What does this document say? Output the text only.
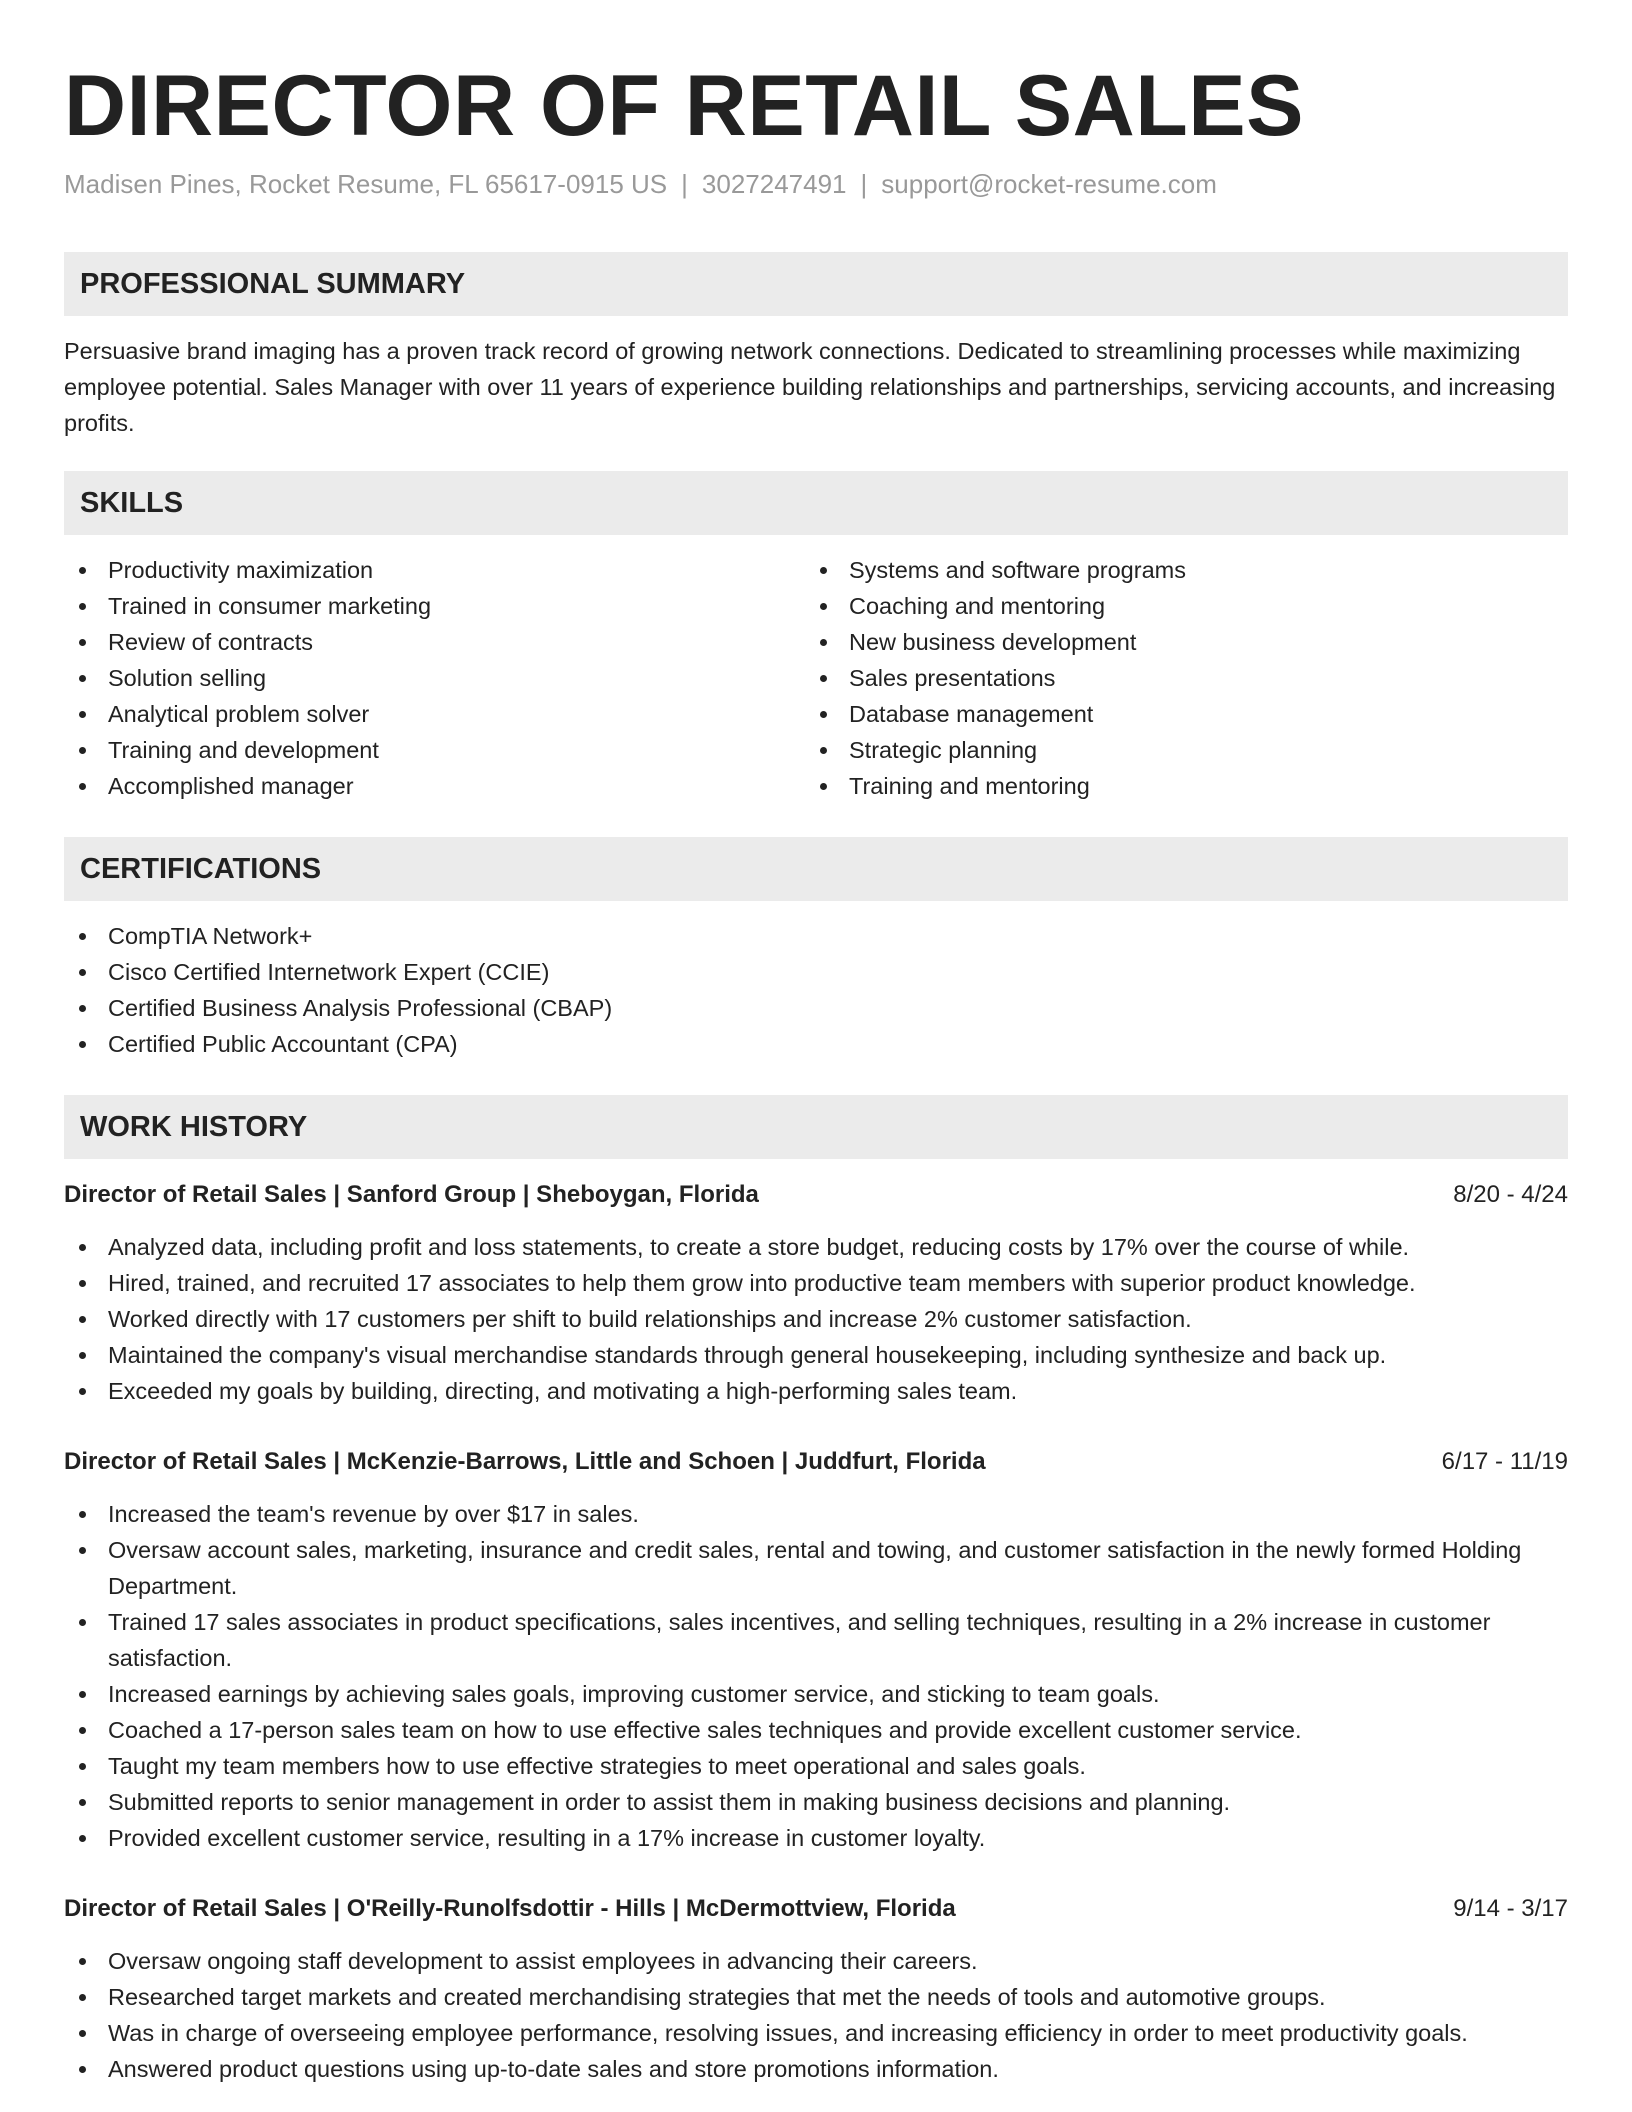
DIRECTOR OF RETAIL SALES
Madisen Pines, Rocket Resume, FL 65617-0915 US | 3027247491 | support@rocket-resume.com
PROFESSIONAL SUMMARY

Persuasive brand imaging has a proven track record of growing network connections. Dedicated to streamlining processes while maximizing employee potential. Sales Manager with over 11 years of experience building relationships and partnerships, servicing accounts, and increasing profits.

SKILLS
Productivity maximization
Trained in consumer marketing
Review of contracts
Solution selling
Analytical problem solver
Training and development
Accomplished manager
Systems and software programs
Coaching and mentoring
New business development
Sales presentations
Database management
Strategic planning
Training and mentoring
CERTIFICATIONS
CompTIA Network+
Cisco Certified Internetwork Expert (CCIE)
Certified Business Analysis Professional (CBAP)
Certified Public Accountant (CPA)
WORK HISTORY
Director of Retail Sales | Sanford Group | Sheboygan, Florida	8/20 - 4/24
Analyzed data, including profit and loss statements, to create a store budget, reducing costs by 17% over the course of while.
Hired, trained, and recruited 17 associates to help them grow into productive team members with superior product knowledge.
Worked directly with 17 customers per shift to build relationships and increase 2% customer satisfaction.
Maintained the company's visual merchandise standards through general housekeeping, including synthesize and back up.
Exceeded my goals by building, directing, and motivating a high-performing sales team.
Director of Retail Sales | McKenzie-Barrows, Little and Schoen | Juddfurt, Florida	6/17 - 11/19
Increased the team's revenue by over $17 in sales.
Oversaw account sales, marketing, insurance and credit sales, rental and towing, and customer satisfaction in the newly formed Holding Department.
Trained 17 sales associates in product specifications, sales incentives, and selling techniques, resulting in a 2% increase in customer satisfaction.
Increased earnings by achieving sales goals, improving customer service, and sticking to team goals.
Coached a 17-person sales team on how to use effective sales techniques and provide excellent customer service.
Taught my team members how to use effective strategies to meet operational and sales goals.
Submitted reports to senior management in order to assist them in making business decisions and planning.
Provided excellent customer service, resulting in a 17% increase in customer loyalty.
Director of Retail Sales | O'Reilly-Runolfsdottir - Hills | McDermottview, Florida	9/14 - 3/17
Oversaw ongoing staff development to assist employees in advancing their careers.
Researched target markets and created merchandising strategies that met the needs of tools and automotive groups.
Was in charge of overseeing employee performance, resolving issues, and increasing efficiency in order to meet productivity goals.
Answered product questions using up-to-date sales and store promotions information.
